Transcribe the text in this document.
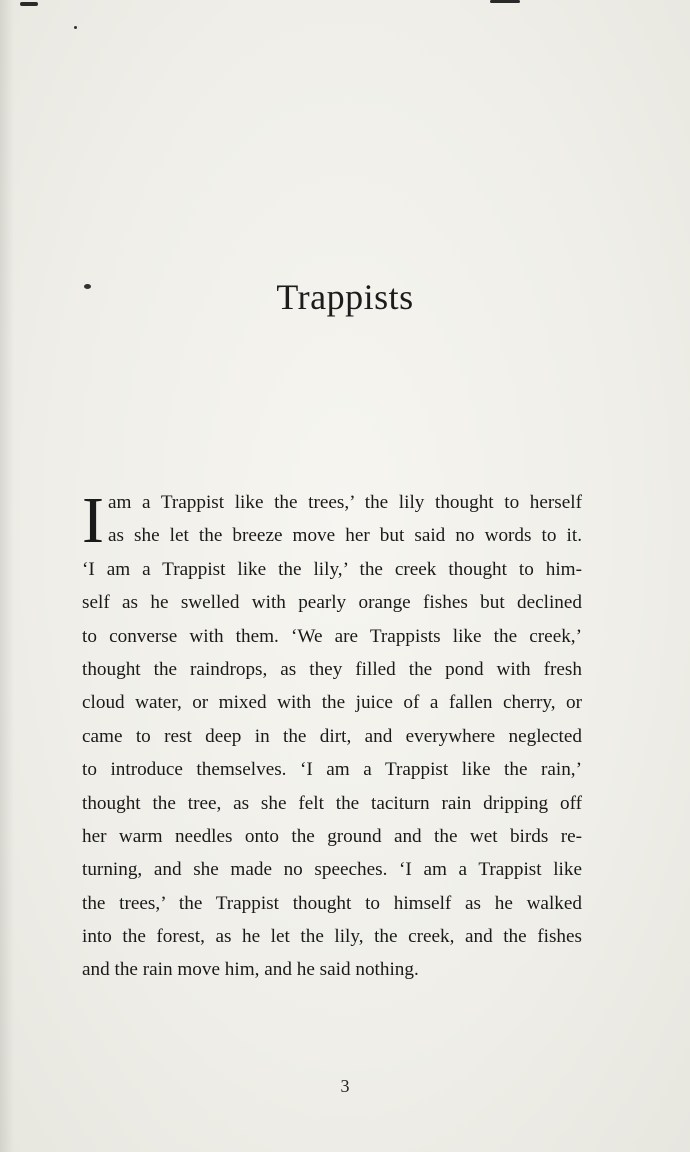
Trappists
I am a Trappist like the trees,’ the lily thought to herself
as she let the breeze move her but said no words to it.
‘I am a Trappist like the lily,’ the creek thought to him-
self as he swelled with pearly orange fishes but declined
to converse with them. ‘We are Trappists like the creek,’
thought the raindrops, as they filled the pond with fresh
cloud water, or mixed with the juice of a fallen cherry, or
came to rest deep in the dirt, and everywhere neglected
to introduce themselves. ‘I am a Trappist like the rain,’
thought the tree, as she felt the taciturn rain dripping off
her warm needles onto the ground and the wet birds re-
turning, and she made no speeches. ‘I am a Trappist like
the trees,’ the Trappist thought to himself as he walked
into the forest, as he let the lily, the creek, and the fishes
and the rain move him, and he said nothing.
3
